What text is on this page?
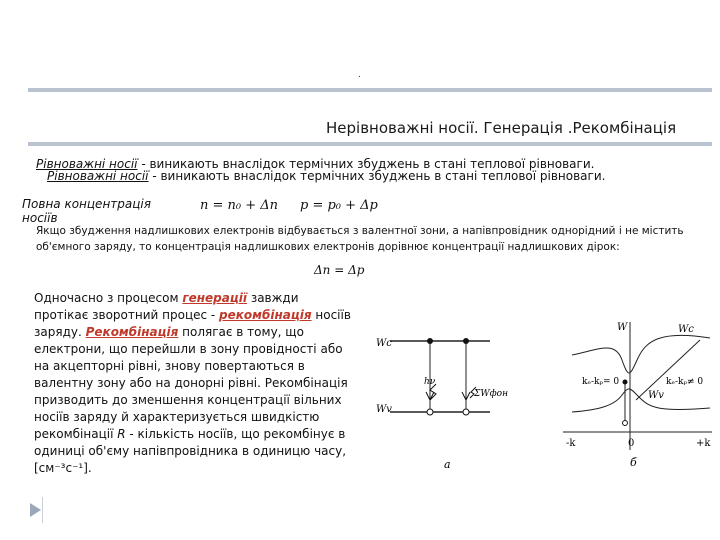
.
Нерівноважні носії. Генерація .Рекомбінація
Рівноважні носії - виникають внаслідок термічних збуджень в стані теплової рівноваги.
Рівноважні носії - виникають внаслідок термічних збуджень в стані теплової рівноваги.
Повна концентрація носіїв
n = n₀ + Δn p = p₀ + Δp
Якщо збудження надлишкових електронів відбувається з валентної зони, а напівпровідник однорідний і не містить об'ємного заряду, то концентрація надлишкових електронів дорівнює концентрації надлишкових дірок:
Δn = Δp
Одночасно з процесом генерації завжди протікає зворотний процес - рекомбінація носіїв заряду. Рекомбінація полягає в тому, що електрони, що перейшли в зону провідності або на акцепторні рівні, знову повертаються в валентну зону або на донорні рівні. Рекомбінація призводить до зменшення концентрації вільних носіїв заряду й характеризується швидкістю рекомбінації R - кількість носіїв, що рекомбінує в одиниці об'єму напівпровідника в одиницю часу, [см⁻³с⁻¹].
Wc
Wv
hν
ΣWфон
а
W	Wc
Wv
kₑ-kₚ= 0	kₑ-kₚ≠ 0
-k	0	+k
б
